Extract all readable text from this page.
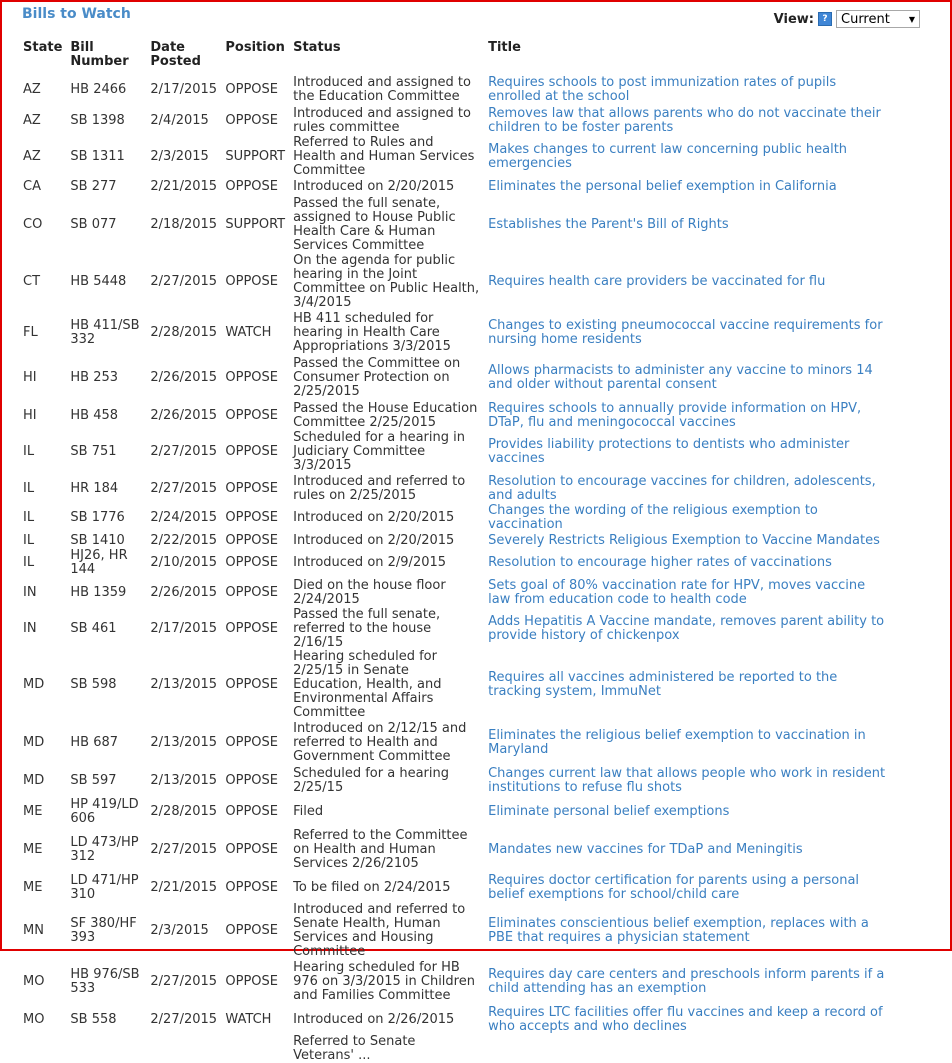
Bills to Watch	View: ?	Current ▼
State	Bill Number	Date Posted	Position	Status	Title
AZ	HB 2466	2/17/2015	OPPOSE	Introduced and assigned to the Education Committee	Requires schools to post immunization rates of pupils enrolled at the school
AZ	SB 1398	2/4/2015	OPPOSE	Introduced and assigned to rules committee	Removes law that allows parents who do not vaccinate their children to be foster parents
AZ	SB 1311	2/3/2015	SUPPORT	Referred to Rules and Health and Human Services Committee	Makes changes to current law concerning public health emergencies
CA	SB 277	2/21/2015	OPPOSE	Introduced on 2/20/2015	Eliminates the personal belief exemption in California
CO	SB 077	2/18/2015	SUPPORT	Passed the full senate, assigned to House Public Health Care & Human Services Committee	Establishes the Parent's Bill of Rights
CT	HB 5448	2/27/2015	OPPOSE	On the agenda for public hearing in the Joint Committee on Public Health, 3/4/2015	Requires health care providers be vaccinated for flu
FL	HB 411/SB 332	2/28/2015	WATCH	HB 411 scheduled for hearing in Health Care Appropriations 3/3/2015	Changes to existing pneumococcal vaccine requirements for nursing home residents
HI	HB 253	2/26/2015	OPPOSE	Passed the Committee on Consumer Protection on 2/25/2015	Allows pharmacists to administer any vaccine to minors 14 and older without parental consent
HI	HB 458	2/26/2015	OPPOSE	Passed the House Education Committee 2/25/2015	Requires schools to annually provide information on HPV, DTaP, flu and meningococcal vaccines
IL	SB 751	2/27/2015	OPPOSE	Scheduled for a hearing in Judiciary Committee 3/3/2015	Provides liability protections to dentists who administer vaccines
IL	HR 184	2/27/2015	OPPOSE	Introduced and referred to rules on 2/25/2015	Resolution to encourage vaccines for children, adolescents, and adults
IL	SB 1776	2/24/2015	OPPOSE	Introduced on 2/20/2015	Changes the wording of the religious exemption to vaccination
IL	SB 1410	2/22/2015	OPPOSE	Introduced on 2/20/2015	Severely Restricts Religious Exemption to Vaccine Mandates
IL	HJ26, HR 144	2/10/2015	OPPOSE	Introduced on 2/9/2015	Resolution to encourage higher rates of vaccinations
IN	HB 1359	2/26/2015	OPPOSE	Died on the house floor 2/24/2015	Sets goal of 80% vaccination rate for HPV, moves vaccine law from education code to health code
IN	SB 461	2/17/2015	OPPOSE	Passed the full senate, referred to the house 2/16/15	Adds Hepatitis A Vaccine mandate, removes parent ability to provide history of chickenpox
MD	SB 598	2/13/2015	OPPOSE	Hearing scheduled for 2/25/15 in Senate Education, Health, and Environmental Affairs Committee	Requires all vaccines administered be reported to the tracking system, ImmuNet
MD	HB 687	2/13/2015	OPPOSE	Introduced on 2/12/15 and referred to Health and Government Committee	Eliminates the religious belief exemption to vaccination in Maryland
MD	SB 597	2/13/2015	OPPOSE	Scheduled for a hearing 2/25/15	Changes current law that allows people who work in resident institutions to refuse flu shots
ME	HP 419/LD 606	2/28/2015	OPPOSE	Filed	Eliminate personal belief exemptions
ME	LD 473/HP 312	2/27/2015	OPPOSE	Referred to the Committee on Health and Human Services 2/26/2105	Mandates new vaccines for TDaP and Meningitis
ME	LD 471/HP 310	2/21/2015	OPPOSE	To be filed on 2/24/2015	Requires doctor certification for parents using a personal belief exemptions for school/child care
MN	SF 380/HF 393	2/3/2015	OPPOSE	Introduced and referred to Senate Health, Human Services and Housing Committee	Eliminates conscientious belief exemption, replaces with a PBE that requires a physician statement
MO	HB 976/SB 533	2/27/2015	OPPOSE	Hearing scheduled for HB 976 on 3/3/2015 in Children and Families Committee	Requires day care centers and preschools inform parents if a child attending has an exemption
MO	SB 558	2/27/2015	WATCH	Introduced on 2/26/2015	Requires LTC facilities offer flu vaccines and keep a record of who accepts and who declines
				Referred to Senate Veterans' ...	
